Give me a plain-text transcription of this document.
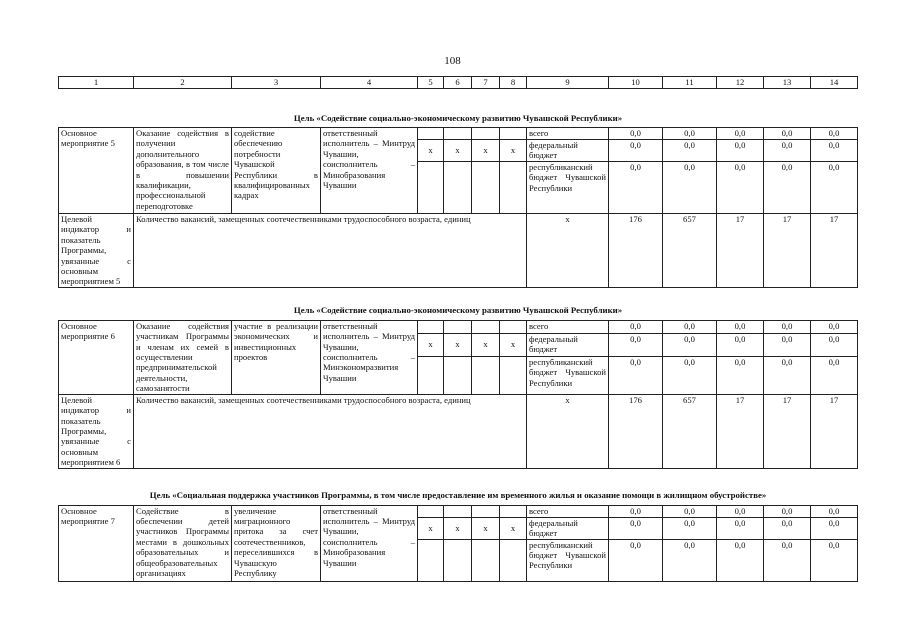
108
1	2	3	4	5	6	7	8	9	10	11	12	13	14
Цель «Содействие социально-экономическому развитию Чувашской Республики»													
Основное мероприятие 5	Оказание содействия в получении дополнительного образования, в том числе в повышении квалификации, профессиональной переподготовке	содействие обеспечению потребности Чувашской Республики в квалифицированных кадрах	ответственный исполнитель – Минтруд Чувашии, соисполнитель – Минобразования Чувашии					всего	0,0	0,0	0,0	0,0	0,0
				х	х	х	х	федеральный бюджет	0,0	0,0	0,0	0,0	0,0
								республиканский бюджет Чувашской Республики	0,0	0,0	0,0	0,0	0,0
Целевой индикатор и показатель Программы, увязанные с основным мероприятием 5	Количество вакансий, замещенных соотечественниками трудоспособного возраста, единиц							х	176	657	17	17	17
Цель «Содействие социально-экономическому развитию Чувашской Республики»													
Основное мероприятие 6	Оказание содействия участникам Программы и членам их семей в осуществлении предпринимательской деятельности, самозанятости	участие в реализации экономических и инвестиционных проектов	ответственный исполнитель – Минтруд Чувашии, соисполнитель – Минэкономразвития Чувашии					всего	0,0	0,0	0,0	0,0	0,0
				х	х	х	х	федеральный бюджет	0,0	0,0	0,0	0,0	0,0
								республиканский бюджет Чувашской Республики	0,0	0,0	0,0	0,0	0,0
Целевой индикатор и показатель Программы, увязанные с основным мероприятием 6	Количество вакансий, замещенных соотечественниками трудоспособного возраста, единиц							х	176	657	17	17	17
Цель «Социальная поддержка участников Программы, в том числе предоставление им временного жилья и оказание помощи в жилищном обустройстве»													
Основное мероприятие 7	Содействие в обеспечении детей участников Программы местами в дошкольных образовательных и общеобразовательных организациях	увеличение миграционного притока за счет соотечественников, переселившихся в Чувашскую Республику	ответственный исполнитель – Минтруд Чувашии, соисполнитель – Минобразования Чувашии					всего	0,0	0,0	0,0	0,0	0,0
				х	х	х	х	федеральный бюджет	0,0	0,0	0,0	0,0	0,0
								республиканский бюджет Чувашской Республики	0,0	0,0	0,0	0,0	0,0
